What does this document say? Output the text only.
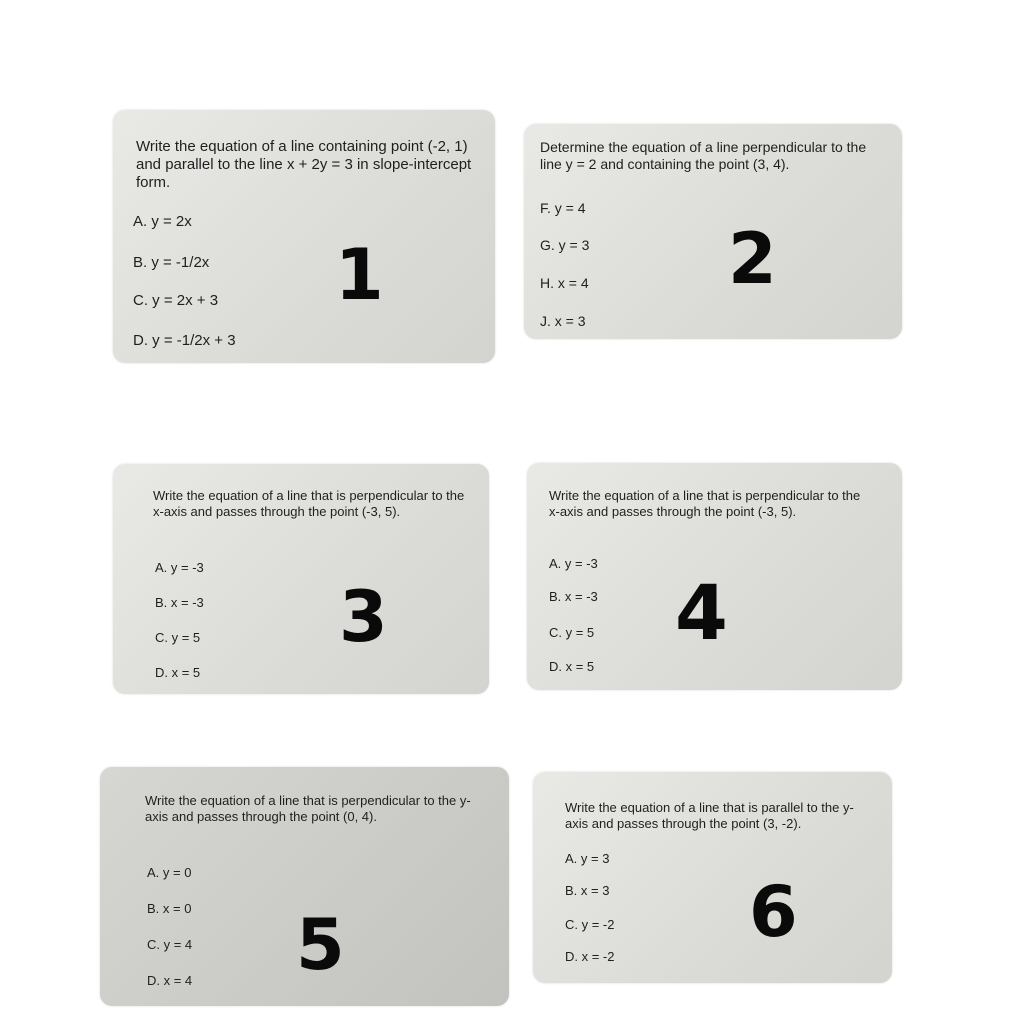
Write the equation of a line containing point (-2, 1) and parallel to the line x + 2y = 3 in slope-intercept form.

A. y = 2x

B. y = -1/2x

C. y = 2x + 3

D. y = -1/2x + 3

1

Determine the equation of a line perpendicular to the line y = 2 and containing the point (3, 4).

F. y = 4

G. y = 3

H. x = 4

J. x = 3

2

Write the equation of a line that is perpendicular to the x-axis and passes through the point (-3, 5).

A. y = -3

B. x = -3

C. y = 5

D. x = 5

3

Write the equation of a line that is perpendicular to the x-axis and passes through the point (-3, 5).

A. y = -3

B. x = -3

C. y = 5

D. x = 5

4

Write the equation of a line that is perpendicular to the y-axis and passes through the point (0, 4).

A. y = 0

B. x = 0

C. y = 4

D. x = 4 5

Write the equation of a line that is parallel to the y-axis and passes through the point (3, -2).

A. y = 3

B. x = 3

C. y = -2

D. x = -2

6
